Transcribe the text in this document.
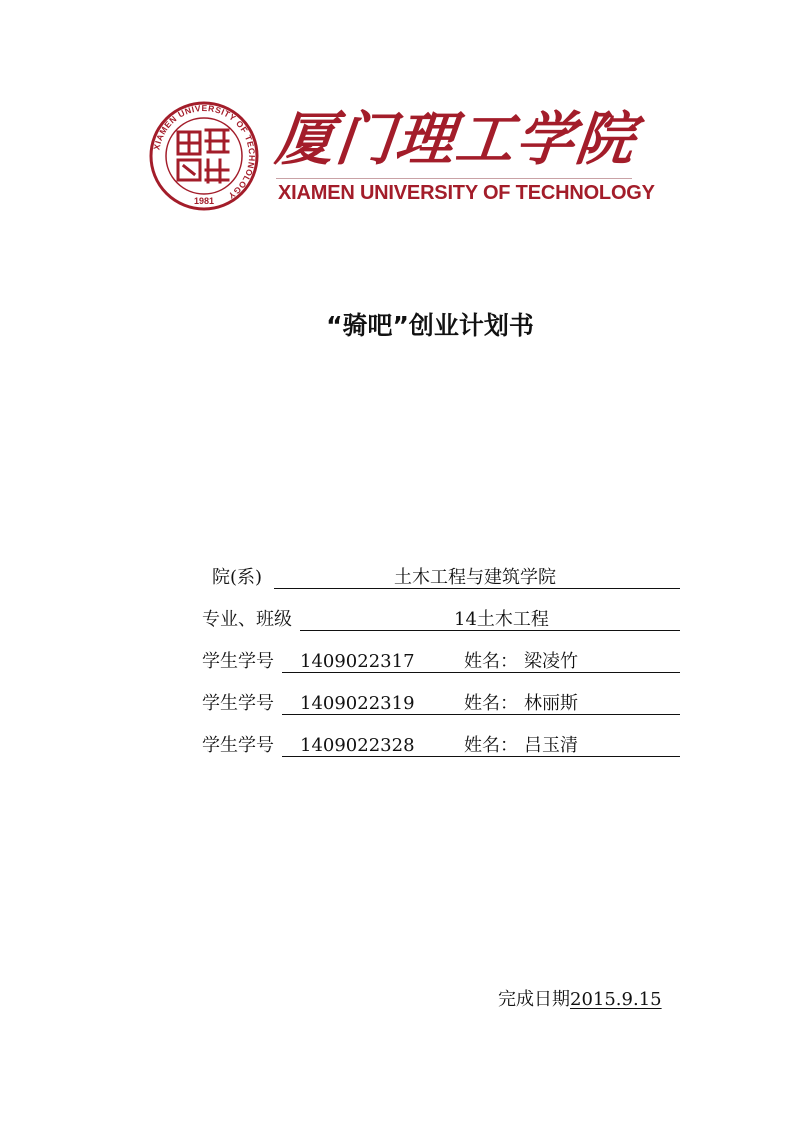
XIAMEN UNIVERSITY OF TECHNOLOGY
1981
厦门理工学院
XIAMEN UNIVERSITY OF TECHNOLOGY
“骑吧”创业计划书
院(系)	土木工程与建筑学院
专业、班级	14土木工程
学生学号 1409022317	姓名： 梁凌竹
学生学号 1409022319	姓名： 林丽斯
学生学号 1409022328	姓名： 吕玉清
完成日期2015.9.15
